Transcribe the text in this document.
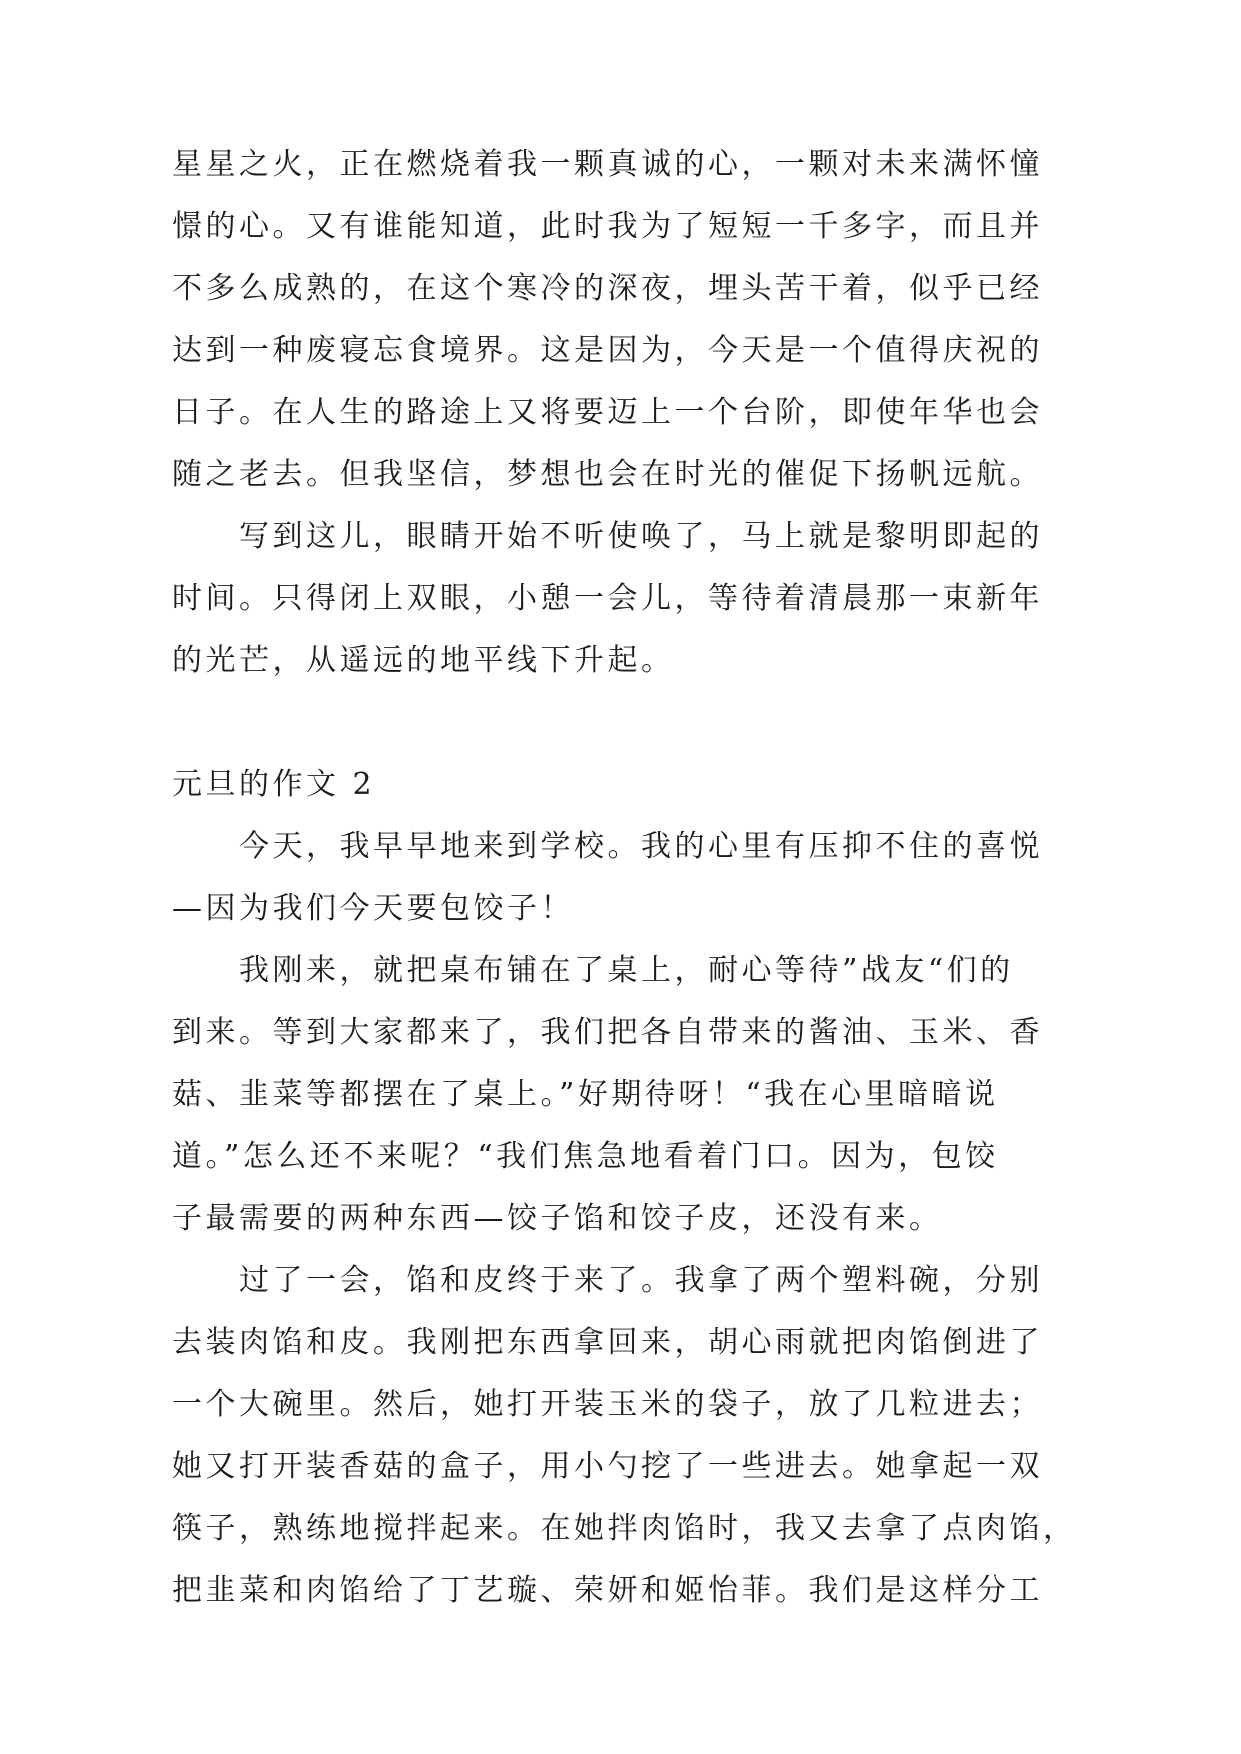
星星之火，正在燃烧着我一颗真诚的心，一颗对未来满怀憧
憬的心。又有谁能知道，此时我为了短短一千多字，而且并
不多么成熟的，在这个寒冷的深夜，埋头苦干着，似乎已经
达到一种废寝忘食境界。这是因为，今天是一个值得庆祝的
日子。在人生的路途上又将要迈上一个台阶，即使年华也会
随之老去。但我坚信，梦想也会在时光的催促下扬帆远航。
写到这儿，眼睛开始不听使唤了，马上就是黎明即起的
时间。只得闭上双眼，小憩一会儿，等待着清晨那一束新年
的光芒，从遥远的地平线下升起。
元旦的作文 2
今天，我早早地来到学校。我的心里有压抑不住的喜悦
—因为我们今天要包饺子！
我刚来，就把桌布铺在了桌上，耐心等待”战友“们的
到来。等到大家都来了，我们把各自带来的酱油、玉米、香
菇、韭菜等都摆在了桌上。”好期待呀！“我在心里暗暗说
道。”怎么还不来呢？“我们焦急地看着门口。因为，包饺
子最需要的两种东西—饺子馅和饺子皮，还没有来。
过了一会，馅和皮终于来了。我拿了两个塑料碗，分别
去装肉馅和皮。我刚把东西拿回来，胡心雨就把肉馅倒进了
一个大碗里。然后，她打开装玉米的袋子，放了几粒进去；
她又打开装香菇的盒子，用小勺挖了一些进去。她拿起一双
筷子，熟练地搅拌起来。在她拌肉馅时，我又去拿了点肉馅，
把韭菜和肉馅给了丁艺璇、荣妍和姬怡菲。我们是这样分工
